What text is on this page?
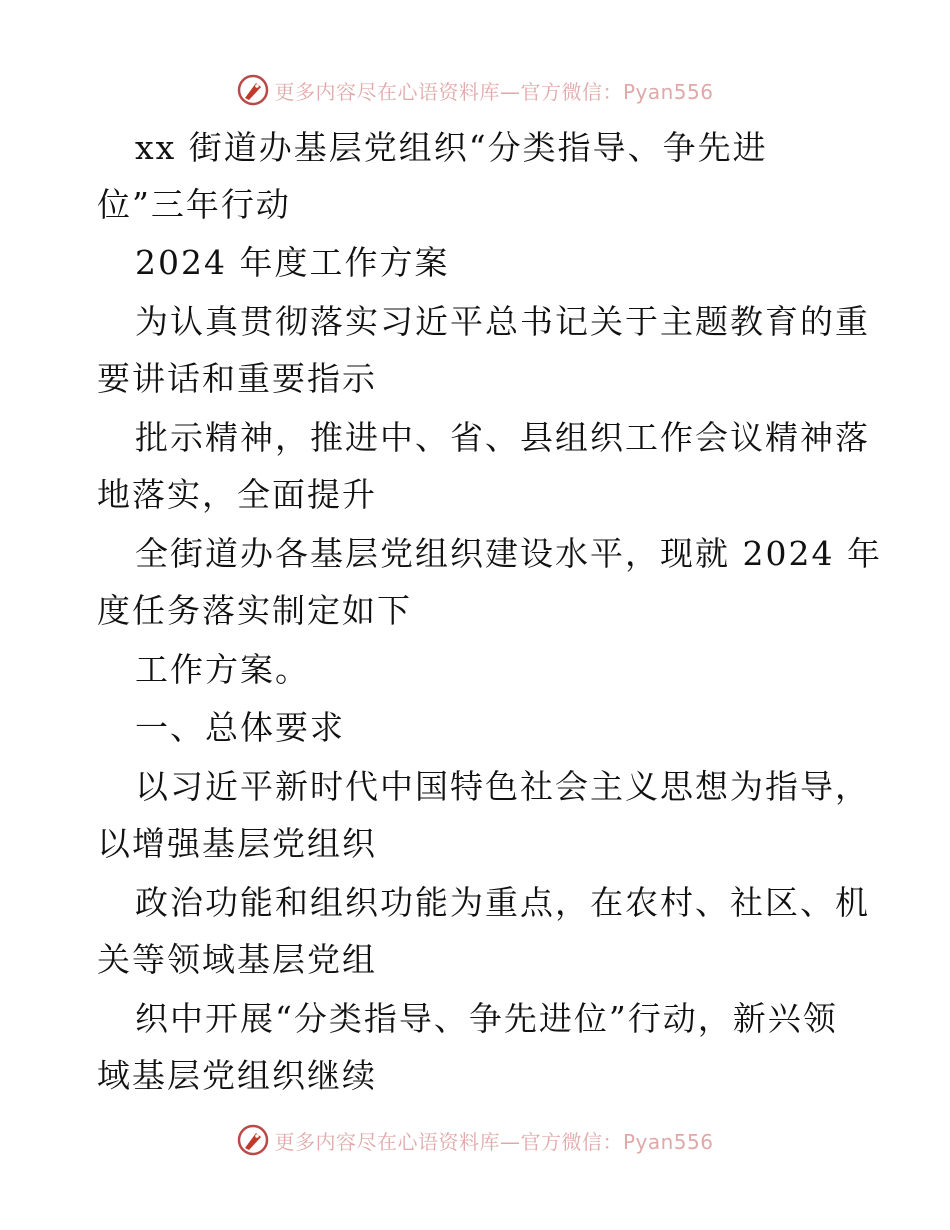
更多内容尽在心语资料库—官方微信：Pyan556
xx 街道办基层党组织“分类指导、争先进
位”三年行动
2024 年度工作方案
为认真贯彻落实习近平总书记关于主题教育的重
要讲话和重要指示
批示精神，推进中、省、县组织工作会议精神落
地落实，全面提升
全街道办各基层党组织建设水平，现就 2024 年
度任务落实制定如下
工作方案。
一、总体要求
以习近平新时代中国特色社会主义思想为指导，
以增强基层党组织
政治功能和组织功能为重点，在农村、社区、机
关等领域基层党组
织中开展“分类指导、争先进位”行动，新兴领
域基层党组织继续
更多内容尽在心语资料库—官方微信：Pyan556
